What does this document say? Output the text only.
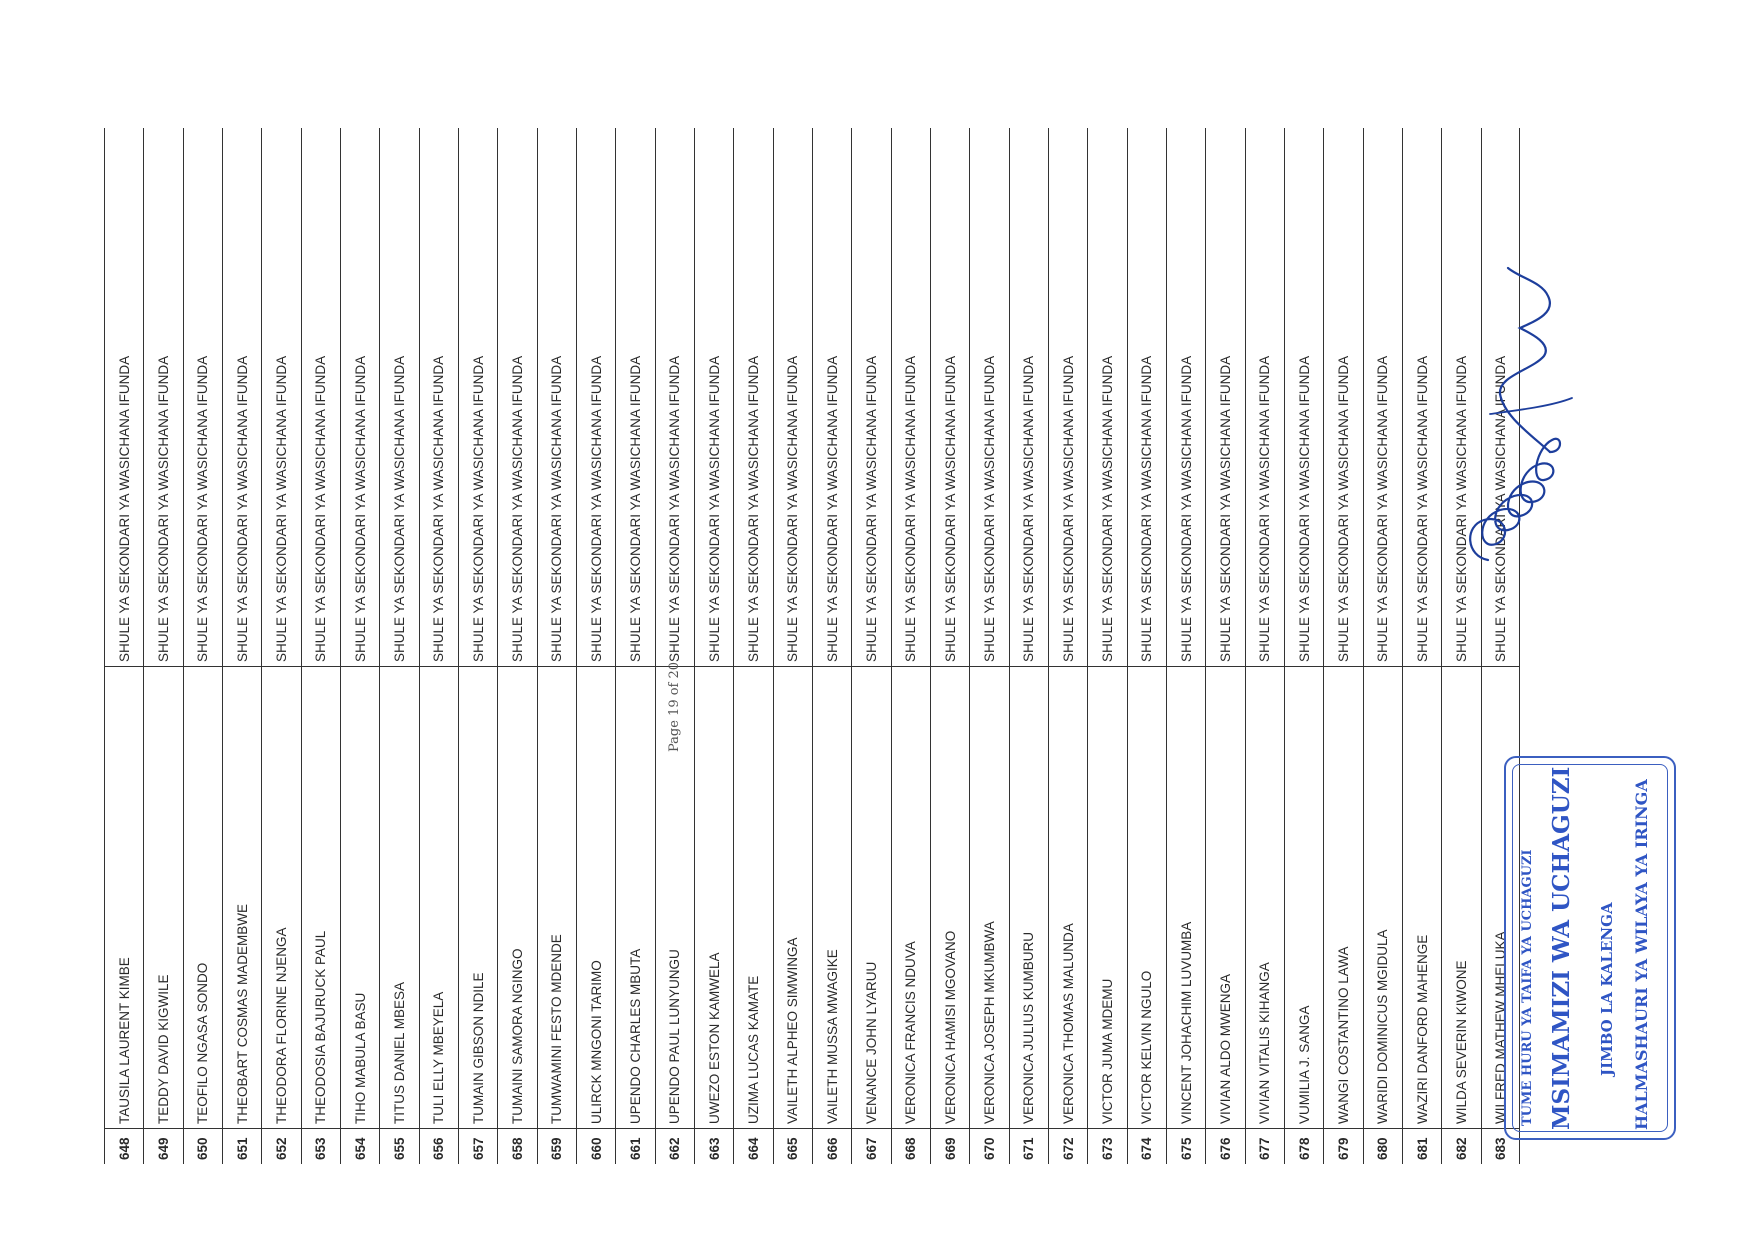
648
TAUSILA LAURENT KIMBE
SHULE YA SEKONDARI YA WASICHANA IFUNDA
649
TEDDY DAVID KIGWILE
SHULE YA SEKONDARI YA WASICHANA IFUNDA
650
TEOFILO NGASA SONDO
SHULE YA SEKONDARI YA WASICHANA IFUNDA
651
THEOBART COSMAS MADEMBWE
SHULE YA SEKONDARI YA WASICHANA IFUNDA
652
THEODORA FLORINE NJENGA
SHULE YA SEKONDARI YA WASICHANA IFUNDA
653
THEODOSIA BAJURUCK PAUL
SHULE YA SEKONDARI YA WASICHANA IFUNDA
654
TIHO MABULA BASU
SHULE YA SEKONDARI YA WASICHANA IFUNDA
655
TITUS DANIEL MBESA
SHULE YA SEKONDARI YA WASICHANA IFUNDA
656
TULI ELLY MBEYELA
SHULE YA SEKONDARI YA WASICHANA IFUNDA
657
TUMAIN GIBSON NDILE
SHULE YA SEKONDARI YA WASICHANA IFUNDA
658
TUMAINI SAMORA NGINGO
SHULE YA SEKONDARI YA WASICHANA IFUNDA
659
TUMWAMINI FESTO MDENDE
SHULE YA SEKONDARI YA WASICHANA IFUNDA
660
ULIRCK MNGONI TARIMO
SHULE YA SEKONDARI YA WASICHANA IFUNDA
661
UPENDO CHARLES MBUTA
SHULE YA SEKONDARI YA WASICHANA IFUNDA
662
UPENDO PAUL LUNYUNGU
SHULE YA SEKONDARI YA WASICHANA IFUNDA
663
UWEZO ESTON KAMWELA
SHULE YA SEKONDARI YA WASICHANA IFUNDA
664
UZIMA LUCAS KAMATE
SHULE YA SEKONDARI YA WASICHANA IFUNDA
665
VAILETH ALPHEO SIMWINGA
SHULE YA SEKONDARI YA WASICHANA IFUNDA
666
VAILETH MUSSA MWAGIKE
SHULE YA SEKONDARI YA WASICHANA IFUNDA
667
VENANCE JOHN LYARUU
SHULE YA SEKONDARI YA WASICHANA IFUNDA
668
VERONICA FRANCIS NDUVA
SHULE YA SEKONDARI YA WASICHANA IFUNDA
669
VERONICA HAMISI MGOVANO
SHULE YA SEKONDARI YA WASICHANA IFUNDA
670
VERONICA JOSEPH MKUMBWA
SHULE YA SEKONDARI YA WASICHANA IFUNDA
671
VERONICA JULIUS KUMBURU
SHULE YA SEKONDARI YA WASICHANA IFUNDA
672
VERONICA THOMAS MALUNDA
SHULE YA SEKONDARI YA WASICHANA IFUNDA
673
VICTOR JUMA MDEMU
SHULE YA SEKONDARI YA WASICHANA IFUNDA
674
VICTOR KELVIN NGULO
SHULE YA SEKONDARI YA WASICHANA IFUNDA
675
VINCENT JOHACHIM LUVUMBA
SHULE YA SEKONDARI YA WASICHANA IFUNDA
676
VIVIAN ALDO MWENGA
SHULE YA SEKONDARI YA WASICHANA IFUNDA
677
VIVIAN VITALIS KIHANGA
SHULE YA SEKONDARI YA WASICHANA IFUNDA
678
VUMILIA J. SANGA
SHULE YA SEKONDARI YA WASICHANA IFUNDA
679
WANGI COSTANTINO LAWA
SHULE YA SEKONDARI YA WASICHANA IFUNDA
680
WARIDI DOMINICUS MGIDULA
SHULE YA SEKONDARI YA WASICHANA IFUNDA
681
WAZIRI DANFORD MAHENGE
SHULE YA SEKONDARI YA WASICHANA IFUNDA
682
WILDA SEVERIN KIWONE
SHULE YA SEKONDARI YA WASICHANA IFUNDA
683
WILFRED MATHEW MHELUKA
SHULE YA SEKONDARI YA WASICHANA IFUNDA
Page 19 of 20
TUME HURU YA TAIFA YA UCHAGUZI MSIMAMIZI WA UCHAGUZI JIMBO LA KALENGA HALMASHAURI YA WILAYA YA IRINGA
